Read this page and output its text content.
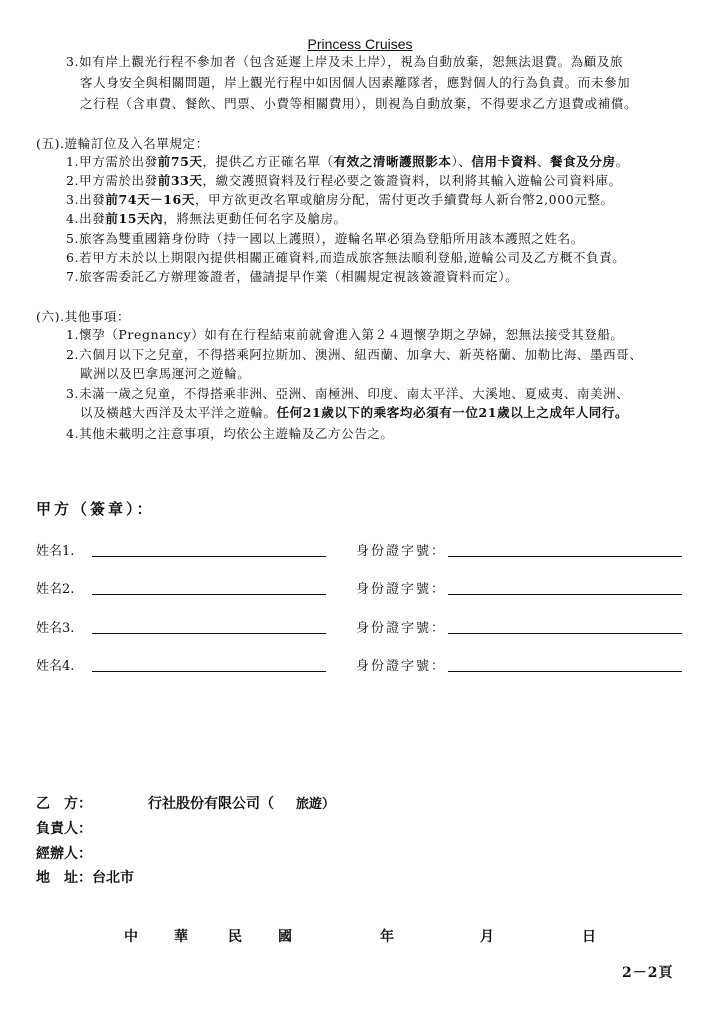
Princess Cruises
3.如有岸上觀光行程不參加者（包含延遲上岸及未上岸），視為自動放棄，恕無法退費。為顧及旅
客人身安全與相關問題，岸上觀光行程中如因個人因素離隊者，應對個人的行為負責。而未參加
之行程（含車費、餐飲、門票、小費等相關費用），則視為自動放棄，不得要求乙方退費或補償。
(五).遊輪訂位及入名單規定：
1.甲方需於出發前75天，提供乙方正確名單（有效之清晰護照影本）、信用卡資料、餐食及分房。
2.甲方需於出發前33天，繳交護照資料及行程必要之簽證資料，以利將其輸入遊輪公司資料庫。
3.出發前74天－16天，甲方欲更改名單或艙房分配，需付更改手續費每人新台幣2,000元整。
4.出發前15天內，將無法更動任何名字及艙房。
5.旅客為雙重國籍身份時（持一國以上護照），遊輪名單必須為登船所用該本護照之姓名。
6.若甲方未於以上期限內提供相關正確資料,而造成旅客無法順利登船,遊輪公司及乙方概不負責。
7.旅客需委託乙方辦理簽證者，儘請提早作業（相關規定視該簽證資料而定）。
(六).其他事項：
1.懷孕（Pregnancy）如有在行程結束前就會進入第２４週懷孕期之孕婦，恕無法接受其登船。
2.六個月以下之兒童，不得搭乘阿拉斯加、澳洲、紐西蘭、加拿大、新英格蘭、加勒比海、墨西哥、
歐洲以及巴拿馬運河之遊輪。
3.未滿一歲之兒童，不得搭乘非洲、亞洲、南極洲、印度、南太平洋、大溪地、夏威夷、南美洲、
以及橫越大西洋及太平洋之遊輪。任何21歲以下的乘客均必須有一位21歲以上之成年人同行。
4.其他未載明之注意事項，均依公主遊輪及乙方公告之。
甲方（簽章）：
姓名1.	身份證字號：
姓名2.	身份證字號：
姓名3.	身份證字號：
姓名4.	身份證字號：
乙　方：	行社股份有限公司（ 旅遊）
負責人：
經辦人：
地　址：台北市
中	華	民	國	年	月	日
2－2頁
